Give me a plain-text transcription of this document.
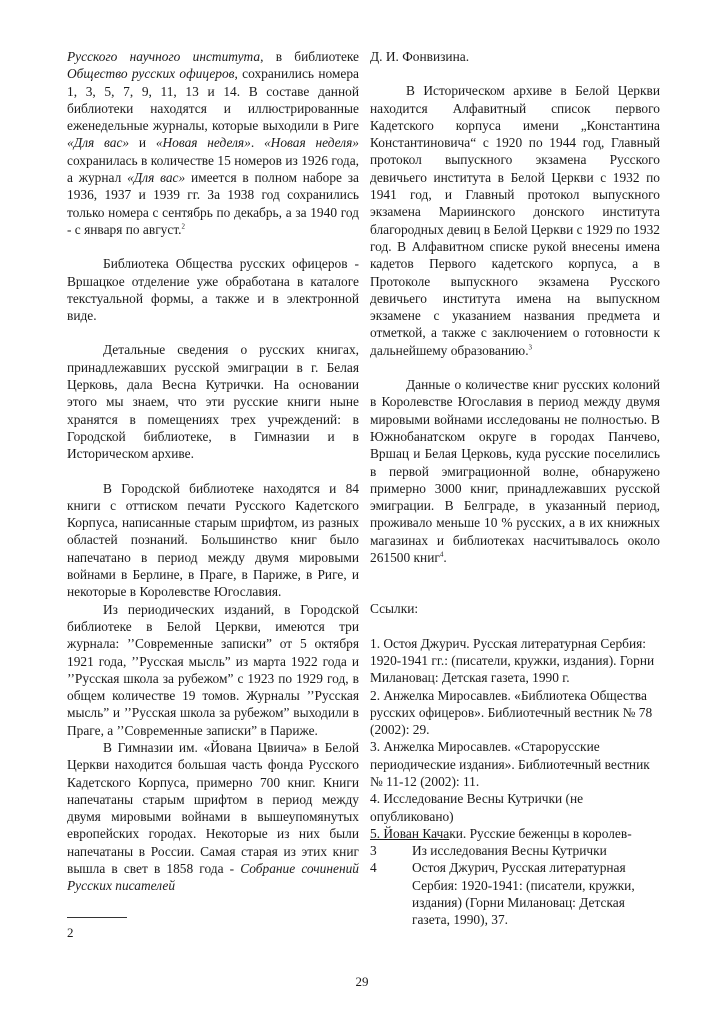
Русского научного института, в библиотеке Общество русских офицеров, сохранились номера 1, 3, 5, 7, 9, 11, 13 и 14. В составе данной библиотеки находятся и иллюстрированные еженедельные журналы, которые выходили в Риге «Для вас» и «Новая неделя». «Новая неделя» сохранилась в количестве 15 номеров из 1926 года, а журнал «Для вас» имеется в полном наборе за 1936, 1937 и 1939 гг. За 1938 год сохранились только номера с сентябрь по декабрь, а за 1940 год - с января по август.$^2$

Библиотека Общества русских офицеров - Вршацкое отделение уже обработана в каталоге текстуальной формы, а также и в электронной виде.

Детальные сведения о русских книгах, принадлежавших русской эмиграции в г. Белая Церковь, дала Весна Кутрички. На основании этого мы знаем, что эти русские книги ныне хранятся в помещениях трех учреждений: в Городской библиотеке, в Гимназии и в Историческом архиве.

В Городской библиотеке находятся и 84 книги с оттиском печати Русского Кадетского Корпуса, написанные старым шрифтом, из разных областей познаний. Большинство книг было напечатано в период между двумя мировыми войнами в Берлине, в Праге, в Париже, в Риге, и некоторые в Королевстве Югославия.

Из периодических изданий, в Городской библиотеке в Белой Церкви, имеются три журнала: ’’Современные записки” от 5 октября 1921 года, ’’Русская мысль” из марта 1922 года и ’’Русская школа за рубежом” с 1923 по 1929 год, в общем количестве 19 томов. Журналы ’’Русская мысль” и ’’Русская школа за рубежом” выходили в Праге, а ’’Современные записки” в Париже.

В Гимназии им. «Йована Цвиича» в Белой Церкви находится большая часть фонда Русского Кадетского Корпуса, примерно 700 книг. Книги напечатаны старым шрифтом в период между двумя мировыми войнами в вышеупомянутых европейских городах. Некоторые из них были напечатаны в России. Самая старая из этих книг вышла в свет в 1858 года - Собрание сочинений Русских писателей

Д. И. Фонвизина.

В Историческом архиве в Белой Церкви находится Алфавитный список первого Кадетского корпуса имени „Константина Константиновича“ с 1920 по 1944 год, Главный протокол выпускного экзамена Русского девичьего института в Белой Церкви с 1932 по 1941 год, и Главный протокол выпускного экзамена Мариинского донского института благородных девиц в Белой Церкви с 1929 по 1932 год. В Алфавитном списке рукой внесены имена кадетов Первого кадетского корпуса, а в Протоколе выпускного экзамена Русского девичьего института имена на выпускном экзамене с указанием названия предмета и отметкой, а также с заключением о готовности к дальнейшему образованию.$^3$

Данные о количестве книг русских колоний в Королевстве Югославия в период между двумя мировыми войнами исследованы не полностью. В Южнобанатском округе в городах Панчево, Вршац и Белая Церковь, куда русские поселились в первой эмиграционной волне, обнаружено примерно 3000 книг, принадлежавших русской эмиграции. В Белграде, в указанный период, проживало меньше 10 % русских, а в их книжных магазинах и библиотеках насчитывалось около 261500 книг$^4$.

Ссылки:

1. Остоя Джурич. Русская литературная Сербия: 1920-1941 гг.: (писатели, кружки, издания). Горни Милановац: Детская газета, 1990 г.

2. Анжелка Миросавлев. «Библиотека Общества русских офицеров». Библиотечный вестник № 78 (2002): 29.

3. Анжелка Миросавлев. «Старорусские периодические издания». Библиотечный вестник № 11-12 (2002): 11.

4. Исследование Весны Кутрички (не опубликовано)

5. Йован Качаки. Русские беженцы в королев-

3	Из исследования Весны Кутрички
4	Остоя Джурич, Русская литературная Сербия: 1920-1941: (писатели, кружки, издания) (Горни Милановац: Детская газета, 1990), 37.
2
29
